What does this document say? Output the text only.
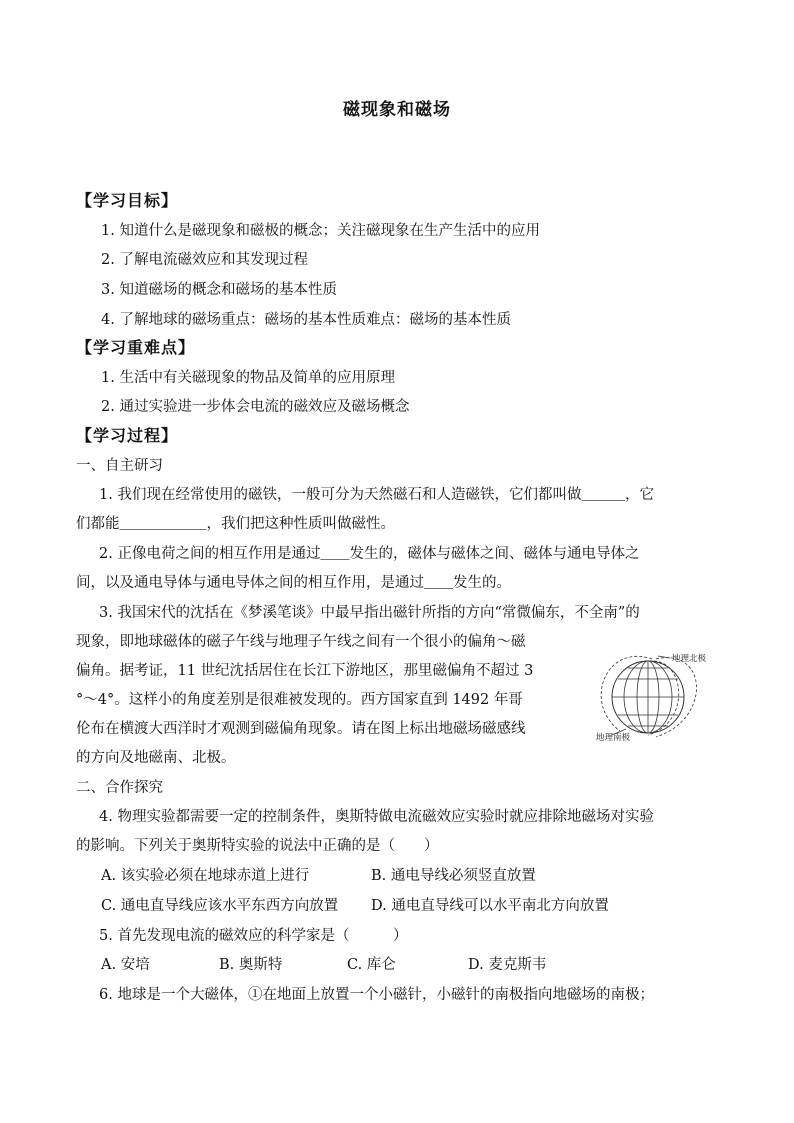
磁现象和磁场
【学习目标】
1. 知道什么是磁现象和磁极的概念；关注磁现象在生产生活中的应用
2. 了解电流磁效应和其发现过程
3. 知道磁场的概念和磁场的基本性质
4. 了解地球的磁场重点：磁场的基本性质难点：磁场的基本性质
【学习重难点】
1. 生活中有关磁现象的物品及简单的应用原理
2. 通过实验进一步体会电流的磁效应及磁场概念
【学习过程】
一、自主研习
1. 我们现在经常使用的磁铁，一般可分为天然磁石和人造磁铁，它们都叫做＿＿＿，它
们都能＿＿＿＿＿＿，我们把这种性质叫做磁性。
2. 正像电荷之间的相互作用是通过＿＿发生的，磁体与磁体之间、磁体与通电导体之
间，以及通电导体与通电导体之间的相互作用，是通过＿＿发生的。
3. 我国宋代的沈括在《梦溪笔谈》中最早指出磁针所指的方向“常微偏东，不全南”的
现象，即地球磁体的磁子午线与地理子午线之间有一个很小的偏角～磁
偏角。据考证，11 世纪沈括居住在长江下游地区，那里磁偏角不超过 3
°～4°。这样小的角度差别是很难被发现的。西方国家直到 1492 年哥
伦布在横渡大西洋时才观测到磁偏角现象。请在图上标出地磁场磁感线
的方向及地磁南、北极。
地理北极
地理南极
二、合作探究
4. 物理实验都需要一定的控制条件，奥斯特做电流磁效应实验时就应排除地磁场对实验
的影响。下列关于奥斯特实验的说法中正确的是（　　）
A. 该实验必须在地球赤道上进行	B. 通电导线必须竖直放置
C. 通电直导线应该水平东西方向放置 D. 通电直导线可以水平南北方向放置
5. 首先发现电流的磁效应的科学家是（　　　）
A. 安培	B. 奥斯特	C. 库仑	D. 麦克斯韦
6. 地球是一个大磁体，①在地面上放置一个小磁针，小磁针的南极指向地磁场的南极；
